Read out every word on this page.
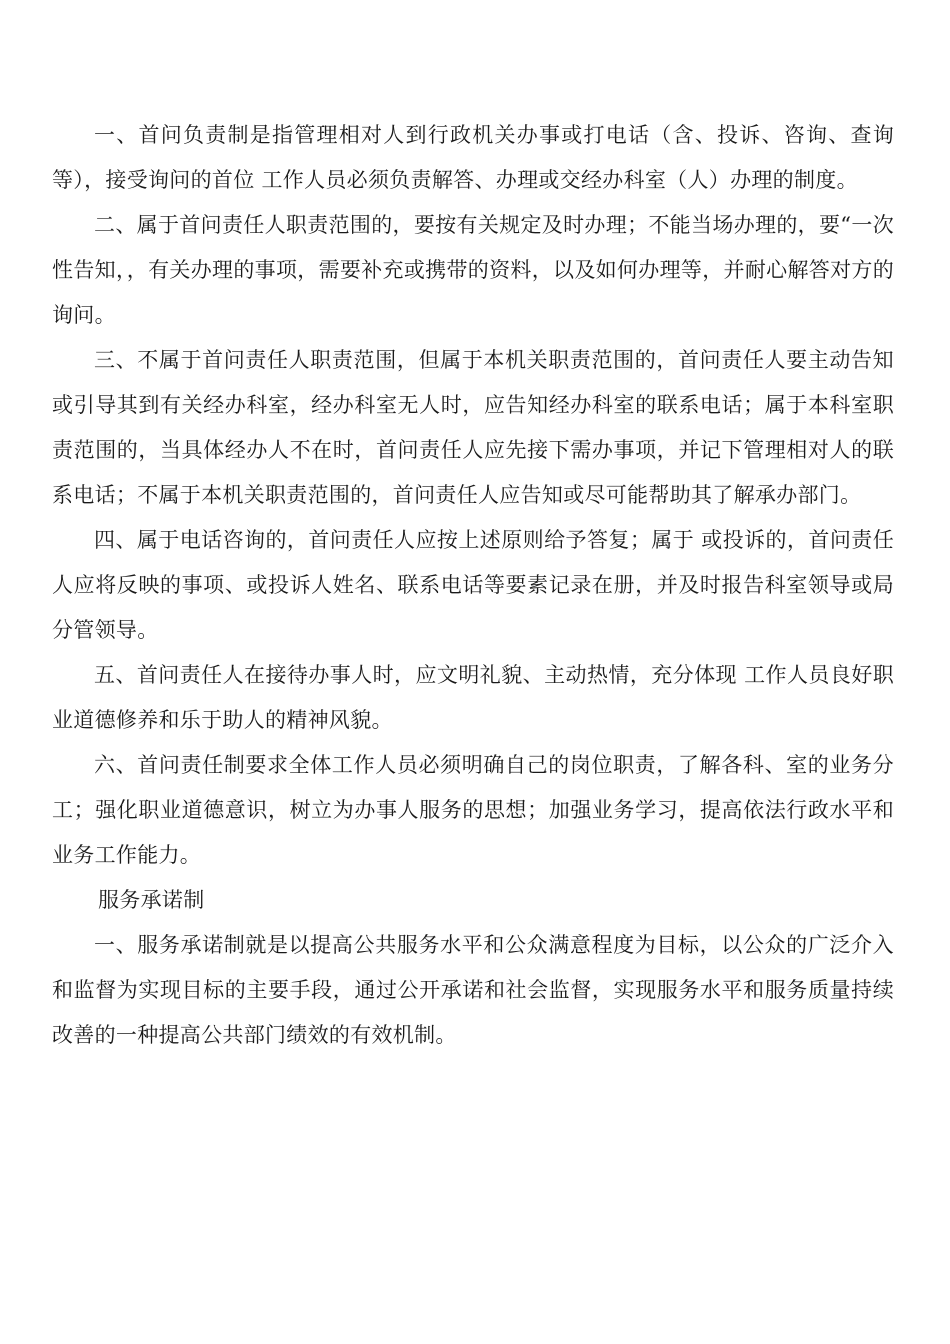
一、首问负责制是指管理相对人到行政机关办事或打电话（含、投诉、咨询、查询等），接受询问的首位 工作人员必须负责解答、办理或交经办科室（人）办理的制度。

二、属于首问责任人职责范围的，要按有关规定及时办理；不能当场办理的，要“一次性告知，，有关办理的事项，需要补充或携带的资料，以及如何办理等，并耐心解答对方的询问。

三、不属于首问责任人职责范围，但属于本机关职责范围的，首问责任人要主动告知或引导其到有关经办科室，经办科室无人时，应告知经办科室的联系电话；属于本科室职责范围的，当具体经办人不在时，首问责任人应先接下需办事项，并记下管理相对人的联系电话；不属于本机关职责范围的，首问责任人应告知或尽可能帮助其了解承办部门。

四、属于电话咨询的，首问责任人应按上述原则给予答复；属于 或投诉的，首问责任人应将反映的事项、或投诉人姓名、联系电话等要素记录在册，并及时报告科室领导或局分管领导。

五、首问责任人在接待办事人时，应文明礼貌、主动热情，充分体现 工作人员良好职业道德修养和乐于助人的精神风貌。

六、首问责任制要求全体工作人员必须明确自己的岗位职责，了解各科、室的业务分工；强化职业道德意识，树立为办事人服务的思想；加强业务学习，提高依法行政水平和业务工作能力。

服务承诺制

一、服务承诺制就是以提高公共服务水平和公众满意程度为目标，以公众的广泛介入和监督为实现目标的主要手段，通过公开承诺和社会监督，实现服务水平和服务质量持续改善的一种提高公共部门绩效的有效机制。
